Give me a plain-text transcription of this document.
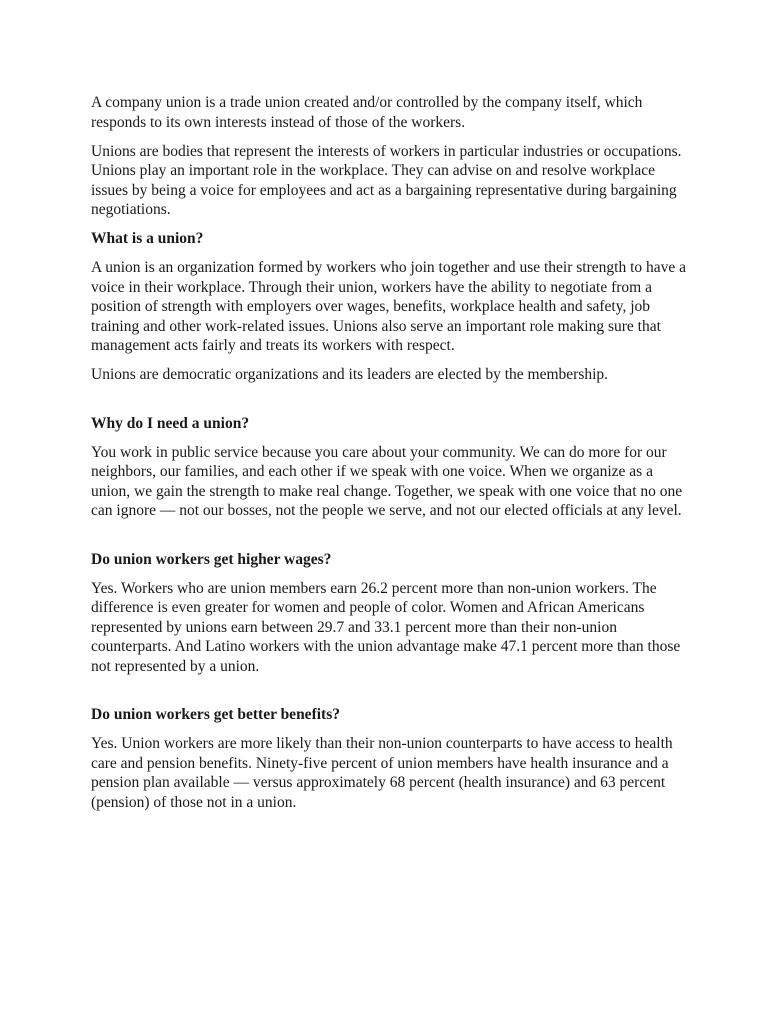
A company union is a trade union created and/or controlled by the company itself, which responds to its own interests instead of those of the workers.

Unions are bodies that represent the interests of workers in particular industries or occupations. Unions play an important role in the workplace. They can advise on and resolve workplace issues by being a voice for employees and act as a bargaining representative during bargaining negotiations.

What is a union?

A union is an organization formed by workers who join together and use their strength to have a voice in their workplace. Through their union, workers have the ability to negotiate from a position of strength with employers over wages, benefits, workplace health and safety, job training and other work-related issues. Unions also serve an important role making sure that management acts fairly and treats its workers with respect.

Unions are democratic organizations and its leaders are elected by the membership.

Why do I need a union?

You work in public service because you care about your community. We can do more for our neighbors, our families, and each other if we speak with one voice. When we organize as a union, we gain the strength to make real change. Together, we speak with one voice that no one can ignore — not our bosses, not the people we serve, and not our elected officials at any level.

Do union workers get higher wages?

Yes. Workers who are union members earn 26.2 percent more than non-union workers. The difference is even greater for women and people of color. Women and African Americans represented by unions earn between 29.7 and 33.1 percent more than their non-union counterparts. And Latino workers with the union advantage make 47.1 percent more than those not represented by a union.

Do union workers get better benefits?

Yes. Union workers are more likely than their non-union counterparts to have access to health care and pension benefits. Ninety-five percent of union members have health insurance and a pension plan available — versus approximately 68 percent (health insurance) and 63 percent (pension) of those not in a union.
